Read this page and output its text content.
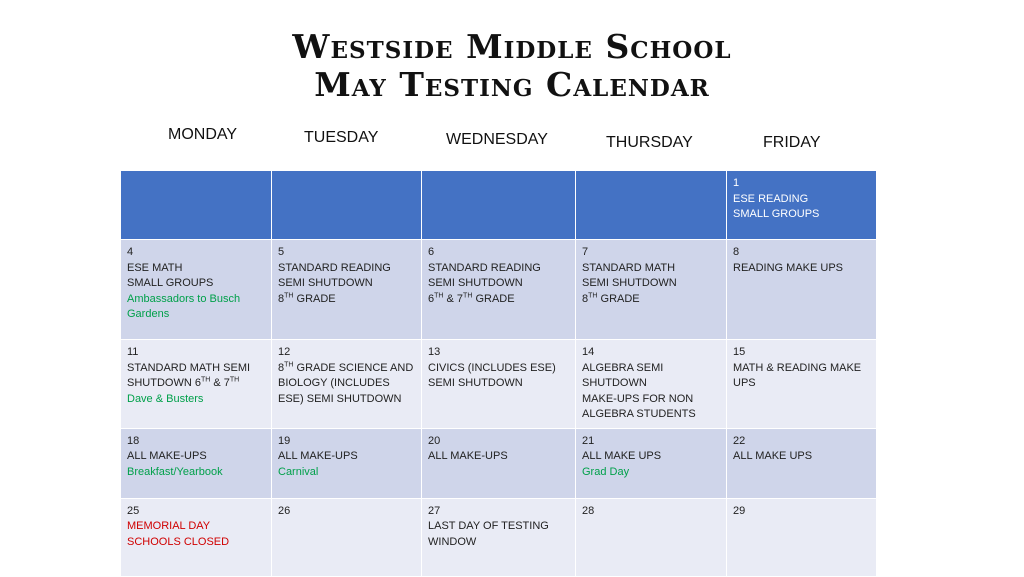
Westside Middle School
May Testing Calendar
MONDAY	TUESDAY	WEDNESDAY	THURSDAY	FRIDAY

				1
ESE READING
SMALL GROUPS

4
ESE MATH
SMALL GROUPS
Ambassadors to Busch Gardens	5
STANDARD READING
SEMI SHUTDOWN
8TH GRADE	6
STANDARD READING
SEMI SHUTDOWN
6TH & 7TH GRADE	7
STANDARD MATH
SEMI SHUTDOWN
8TH GRADE	8
READING MAKE UPS

11
STANDARD MATH SEMI SHUTDOWN 6TH & 7TH
Dave & Busters	12
8TH GRADE SCIENCE AND BIOLOGY (INCLUDES ESE) SEMI SHUTDOWN	13
CIVICS (INCLUDES ESE)
SEMI SHUTDOWN	14
ALGEBRA SEMI SHUTDOWN
MAKE-UPS FOR NON ALGEBRA STUDENTS	15
MATH & READING MAKE UPS

18
ALL MAKE-UPS
Breakfast/Yearbook	19
ALL MAKE-UPS
Carnival	20
ALL MAKE-UPS	21
ALL MAKE UPS
Grad Day	22
ALL MAKE UPS

25
MEMORIAL DAY
SCHOOLS CLOSED	26	27
LAST DAY OF TESTING WINDOW	28	29
